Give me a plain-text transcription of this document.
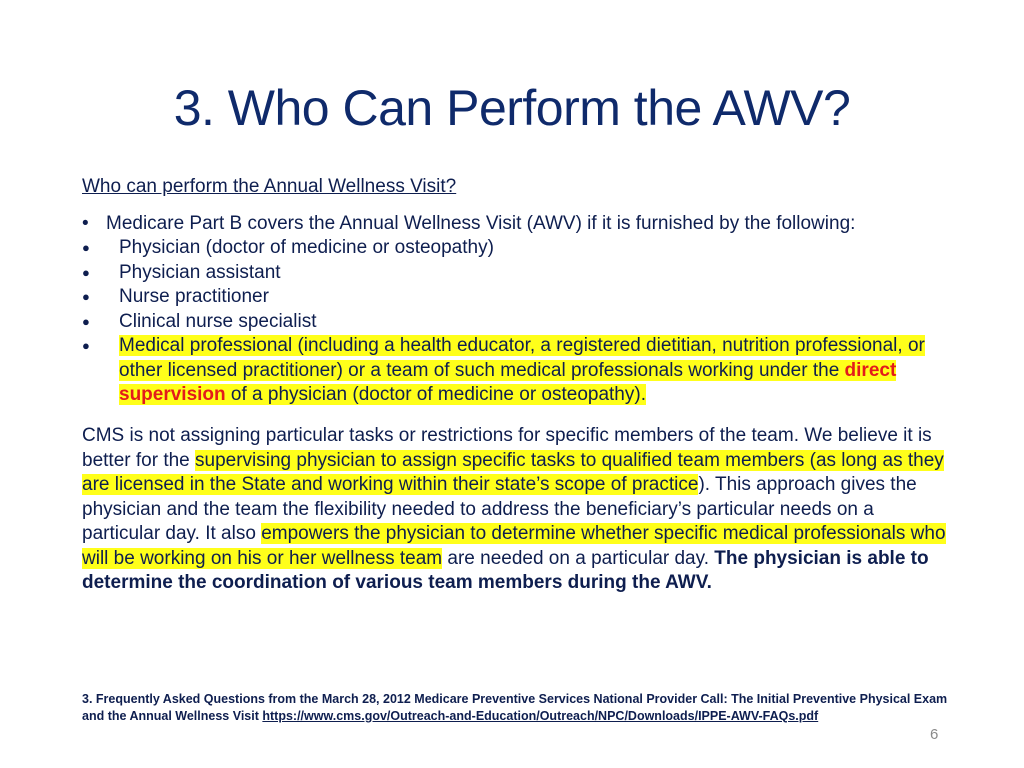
3. Who Can Perform the AWV?
Who can perform the Annual Wellness Visit?
• Medicare Part B covers the Annual Wellness Visit (AWV) if it is furnished by the following:
●	Physician (doctor of medicine or osteopathy)
●	Physician assistant
●	Nurse practitioner
●	Clinical nurse specialist
●	Medical professional (including a health educator, a registered dietitian, nutrition professional, or other licensed practitioner) or a team of such medical professionals working under the direct supervision of a physician (doctor of medicine or osteopathy).
CMS is not assigning particular tasks or restrictions for specific members of the team. We believe it is better for the supervising physician to assign specific tasks to qualified team members (as long as they are licensed in the State and working within their state’s scope of practice). This approach gives the physician and the team the flexibility needed to address the beneficiary’s particular needs on a particular day. It also empowers the physician to determine whether specific medical professionals who will be working on his or her wellness team are needed on a particular day. The physician is able to determine the coordination of various team members during the AWV.
3. Frequently Asked Questions from the March 28, 2012 Medicare Preventive Services National Provider Call: The Initial Preventive Physical Exam and the Annual Wellness Visit https://www.cms.gov/Outreach-and-Education/Outreach/NPC/Downloads/IPPE-AWV-FAQs.pdf
6
